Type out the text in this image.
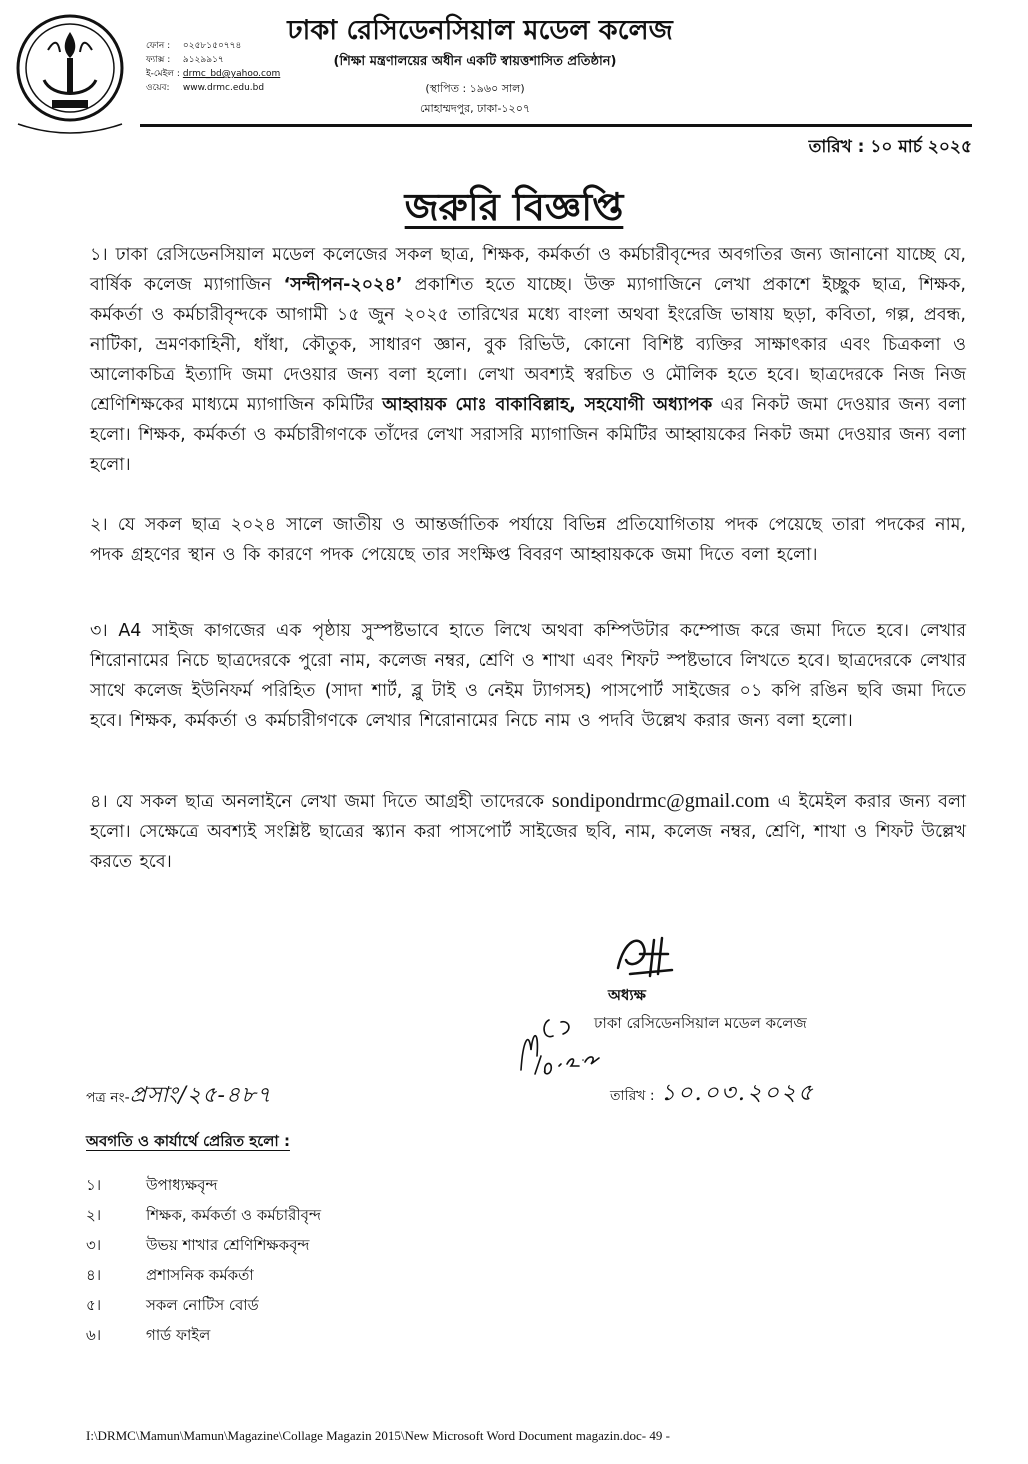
ফোন : ০২৫৮১৫০৭৭৪
ফ্যাক্স : ৯১২৯৯১৭
ই-মেইল : drmc_bd@yahoo.com
ওয়েব: www.drmc.edu.bd
ঢাকা রেসিডেনসিয়াল মডেল কলেজ
(শিক্ষা মন্ত্রণালয়ের অধীন একটি স্বায়ত্তশাসিত প্রতিষ্ঠান)
(স্থাপিত : ১৯৬০ সাল)
মোহাম্মদপুর, ঢাকা-১২০৭
তারিখ : ১০ মার্চ ২০২৫
জরুরি বিজ্ঞপ্তি
১। ঢাকা রেসিডেনসিয়াল মডেল কলেজের সকল ছাত্র, শিক্ষক, কর্মকর্তা ও কর্মচারীবৃন্দের অবগতির জন্য জানানো যাচ্ছে যে, বার্ষিক কলেজ ম্যাগাজিন ‘সন্দীপন-২০২৪’ প্রকাশিত হতে যাচ্ছে। উক্ত ম্যাগাজিনে লেখা প্রকাশে ইচ্ছুক ছাত্র, শিক্ষক, কর্মকর্তা ও কর্মচারীবৃন্দকে আগামী ১৫ জুন ২০২৫ তারিখের মধ্যে বাংলা অথবা ইংরেজি ভাষায় ছড়া, কবিতা, গল্প, প্রবন্ধ, নাটিকা, ভ্রমণকাহিনী, ধাঁধা, কৌতুক, সাধারণ জ্ঞান, বুক রিভিউ, কোনো বিশিষ্ট ব্যক্তির সাক্ষাৎকার এবং চিত্রকলা ও আলোকচিত্র ইত্যাদি জমা দেওয়ার জন্য বলা হলো। লেখা অবশ্যই স্বরচিত ও মৌলিক হতে হবে। ছাত্রদেরকে নিজ নিজ শ্রেণিশিক্ষকের মাধ্যমে ম্যাগাজিন কমিটির আহ্বায়ক মোঃ বাকাবিল্লাহ, সহযোগী অধ্যাপক এর নিকট জমা দেওয়ার জন্য বলা হলো। শিক্ষক, কর্মকর্তা ও কর্মচারীগণকে তাঁদের লেখা সরাসরি ম্যাগাজিন কমিটির আহ্বায়কের নিকট জমা দেওয়ার জন্য বলা হলো।
২। যে সকল ছাত্র ২০২৪ সালে জাতীয় ও আন্তর্জাতিক পর্যায়ে বিভিন্ন প্রতিযোগিতায় পদক পেয়েছে তারা পদকের নাম, পদক গ্রহণের স্থান ও কি কারণে পদক পেয়েছে তার সংক্ষিপ্ত বিবরণ আহ্বায়ককে জমা দিতে বলা হলো।
৩। A4 সাইজ কাগজের এক পৃষ্ঠায় সুস্পষ্টভাবে হাতে লিখে অথবা কম্পিউটার কম্পোজ করে জমা দিতে হবে। লেখার শিরোনামের নিচে ছাত্রদেরকে পুরো নাম, কলেজ নম্বর, শ্রেণি ও শাখা এবং শিফট স্পষ্টভাবে লিখতে হবে। ছাত্রদেরকে লেখার সাথে কলেজ ইউনিফর্ম পরিহিত (সাদা শার্ট, ব্লু টাই ও নেইম ট্যাগসহ) পাসপোর্ট সাইজের ০১ কপি রঙিন ছবি জমা দিতে হবে। শিক্ষক, কর্মকর্তা ও কর্মচারীগণকে লেখার শিরোনামের নিচে নাম ও পদবি উল্লেখ করার জন্য বলা হলো।
৪। যে সকল ছাত্র অনলাইনে লেখা জমা দিতে আগ্রহী তাদেরকে sondipondrmc@gmail.com এ ইমেইল করার জন্য বলা হলো। সেক্ষেত্রে অবশ্যই সংশ্লিষ্ট ছাত্রের স্ক্যান করা পাসপোর্ট সাইজের ছবি, নাম, কলেজ নম্বর, শ্রেণি, শাখা ও শিফট উল্লেখ করতে হবে।
অধ্যক্ষ
ঢাকা রেসিডেনসিয়াল মডেল কলেজ
পত্র নং-প্রসাং/২৫-৪৮৭	তারিখ : ১০.০৩.২০২৫
অবগতি ও কার্যার্থে প্রেরিত হলো :
১।	উপাধ্যক্ষবৃন্দ
২।	শিক্ষক, কর্মকর্তা ও কর্মচারীবৃন্দ
৩।	উভয় শাখার শ্রেণিশিক্ষকবৃন্দ
৪।	প্রশাসনিক কর্মকর্তা
৫।	সকল নোটিস বোর্ড
৬।	গার্ড ফাইল
I:\DRMC\Mamun\Mamun\Magazine\Collage Magazin 2015\New Microsoft Word Document magazin.doc- 49 -
